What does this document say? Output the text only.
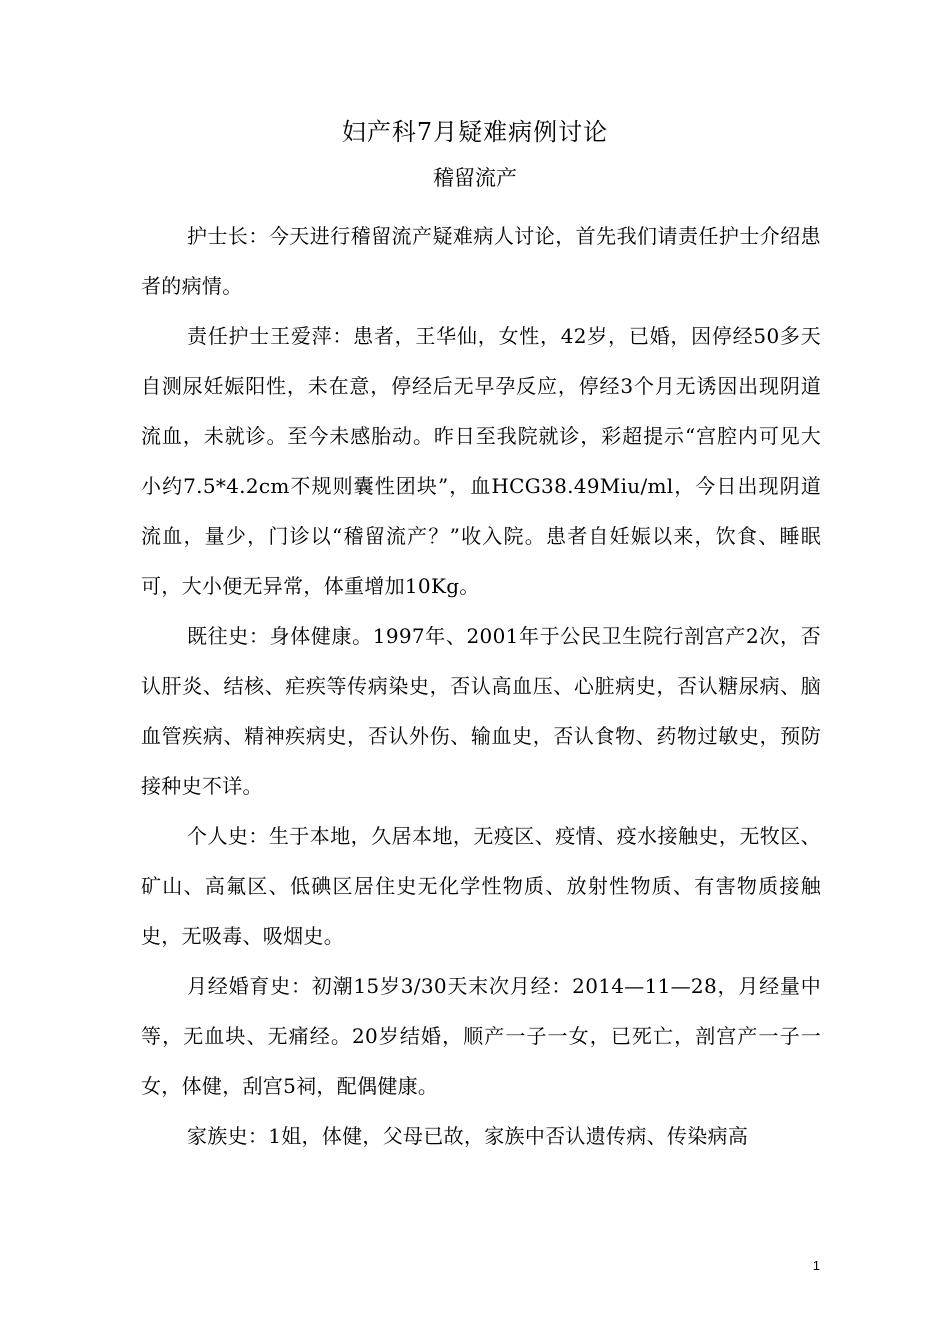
妇产科7月疑难病例讨论
稽留流产

护士长：今天进行稽留流产疑难病人讨论，首先我们请责任护士介绍患者的病情。

责任护士王爱萍：患者，王华仙，女性，42岁，已婚，因停经50多天自测尿妊娠阳性，未在意，停经后无早孕反应，停经3个月无诱因出现阴道流血，未就诊。至今未感胎动。昨日至我院就诊，彩超提示“宫腔内可见大小约7.5*4.2cm不规则囊性团块”，血HCG38.49Miu/ml，今日出现阴道流血，量少，门诊以“稽留流产？”收入院。患者自妊娠以来，饮食、睡眠可，大小便无异常，体重增加10Kg。

既往史：身体健康。1997年、2001年于公民卫生院行剖宫产2次，否认肝炎、结核、疟疾等传病染史，否认高血压、心脏病史，否认糖尿病、脑血管疾病、精神疾病史，否认外伤、输血史，否认食物、药物过敏史，预防接种史不详。

个人史：生于本地，久居本地，无疫区、疫情、疫水接触史，无牧区、矿山、高氟区、低碘区居住史无化学性物质、放射性物质、有害物质接触史，无吸毒、吸烟史。

月经婚育史：初潮15岁3/30天末次月经：2014—11—28，月经量中等，无血块、无痛经。20岁结婚，顺产一子一女，已死亡，剖宫产一子一女，体健，刮宫5祠，配偶健康。

家族史：1姐，体健，父母已故，家族中否认遗传病、传染病高

1
